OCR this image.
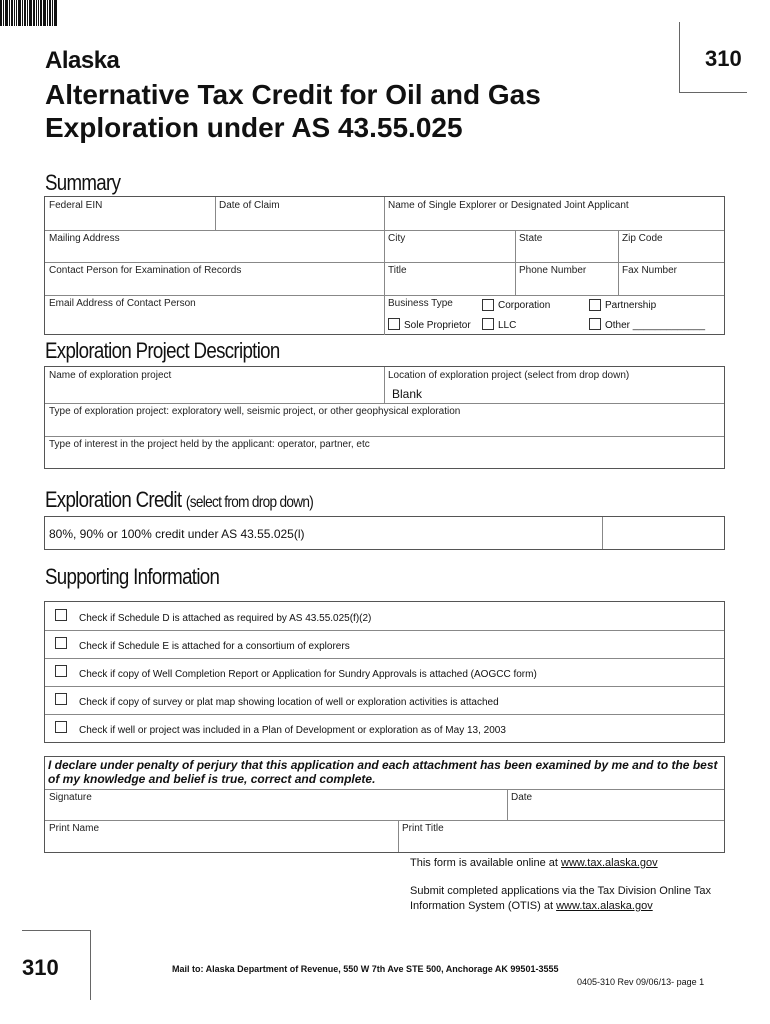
310
Alaska
Alternative Tax Credit for Oil and Gas
Exploration under AS 43.55.025
Summary
Federal EIN	Date of Claim	Name of Single Explorer or Designated Joint Applicant
Mailing Address	City	State	Zip Code
Contact Person for Examination of Records	Title	Phone Number	Fax Number
Email Address of Contact Person	Business Type	Corporation	Partnership
Sole Proprietor	LLC	Other _____________
Exploration Project Description
Name of exploration project	Location of exploration project (select from drop down)
Blank
Type of exploration project: exploratory well, seismic project, or other geophysical exploration
Type of interest in the project held by the applicant: operator, partner, etc
Exploration Credit (select from drop down)
80%, 90% or 100% credit under AS 43.55.025(l)
Supporting Information
Check if Schedule D is attached as required by AS 43.55.025(f)(2)
Check if Schedule E is attached for a consortium of explorers
Check if copy of Well Completion Report or Application for Sundry Approvals is attached (AOGCC form)
Check if copy of survey or plat map showing location of well or exploration activities is attached
Check if well or project was included in a Plan of Development or exploration as of May 13, 2003
Signature	Date
Print Name	Print Title
I declare under penalty of perjury that this application and each attachment has been examined by me and to the best of my knowledge and belief is true, correct and complete.
This form is available online at www.tax.alaska.gov
Submit completed applications via the Tax Division Online Tax
Information System (OTIS) at www.tax.alaska.gov
310	Mail to: Alaska Department of Revenue, 550 W 7th Ave STE 500, Anchorage AK 99501-3555
0405-310 Rev 09/06/13- page 1
